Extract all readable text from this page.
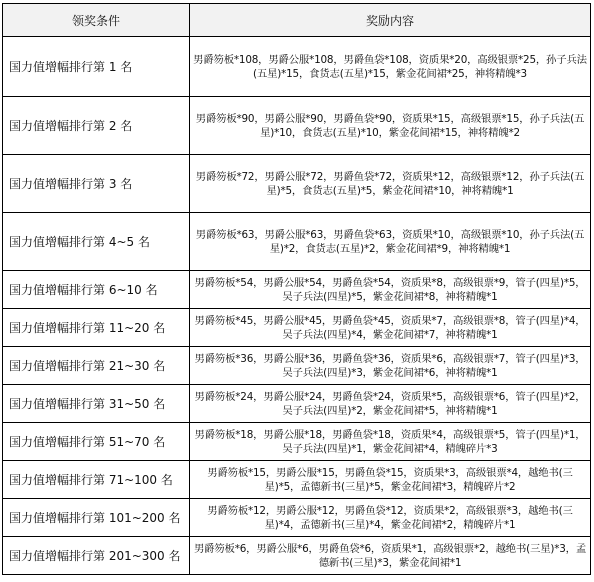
领奖条件	奖励内容
国力值增幅排行第 1 名	男爵笏板*108，男爵公服*108，男爵鱼袋*108，资质果*20，高级银票*25，孙子兵法(五星)*15，食货志(五星)*15，紫金花间裙*25，神将精魄*3
国力值增幅排行第 2 名	男爵笏板*90，男爵公服*90，男爵鱼袋*90，资质果*15，高级银票*15，孙子兵法(五星)*10，食货志(五星)*10，紫金花间裙*15，神将精魄*2
国力值增幅排行第 3 名	男爵笏板*72，男爵公服*72，男爵鱼袋*72，资质果*12，高级银票*12，孙子兵法(五星)*5，食货志(五星)*5，紫金花间裙*10，神将精魄*1
国力值增幅排行第 4~5 名	男爵笏板*63，男爵公服*63，男爵鱼袋*63，资质果*10，高级银票*10，孙子兵法(五星)*2，食货志(五星)*2，紫金花间裙*9，神将精魄*1
国力值增幅排行第 6~10 名	男爵笏板*54，男爵公服*54，男爵鱼袋*54，资质果*8，高级银票*9，管子(四星)*5，吴子兵法(四星)*5，紫金花间裙*8，神将精魄*1
国力值增幅排行第 11~20 名	男爵笏板*45，男爵公服*45，男爵鱼袋*45，资质果*7，高级银票*8，管子(四星)*4，吴子兵法(四星)*4，紫金花间裙*7，神将精魄*1
国力值增幅排行第 21~30 名	男爵笏板*36，男爵公服*36，男爵鱼袋*36，资质果*6，高级银票*7，管子(四星)*3，吴子兵法(四星)*3，紫金花间裙*6，神将精魄*1
国力值增幅排行第 31~50 名	男爵笏板*24，男爵公服*24，男爵鱼袋*24，资质果*5，高级银票*6，管子(四星)*2，吴子兵法(四星)*2，紫金花间裙*5，神将精魄*1
国力值增幅排行第 51~70 名	男爵笏板*18，男爵公服*18，男爵鱼袋*18，资质果*4，高级银票*5，管子(四星)*1，吴子兵法(四星)*1，紫金花间裙*4，精魄碎片*3
国力值增幅排行第 71~100 名	男爵笏板*15，男爵公服*15，男爵鱼袋*15，资质果*3，高级银票*4，越绝书(三星)*5，孟德新书(三星)*5，紫金花间裙*3，精魄碎片*2
国力值增幅排行第 101~200 名	男爵笏板*12，男爵公服*12，男爵鱼袋*12，资质果*2，高级银票*3，越绝书(三星)*4，孟德新书(三星)*4，紫金花间裙*2，精魄碎片*1
国力值增幅排行第 201~300 名	男爵笏板*6，男爵公服*6，男爵鱼袋*6，资质果*1，高级银票*2，越绝书(三星)*3，孟德新书(三星)*3，紫金花间裙*1
